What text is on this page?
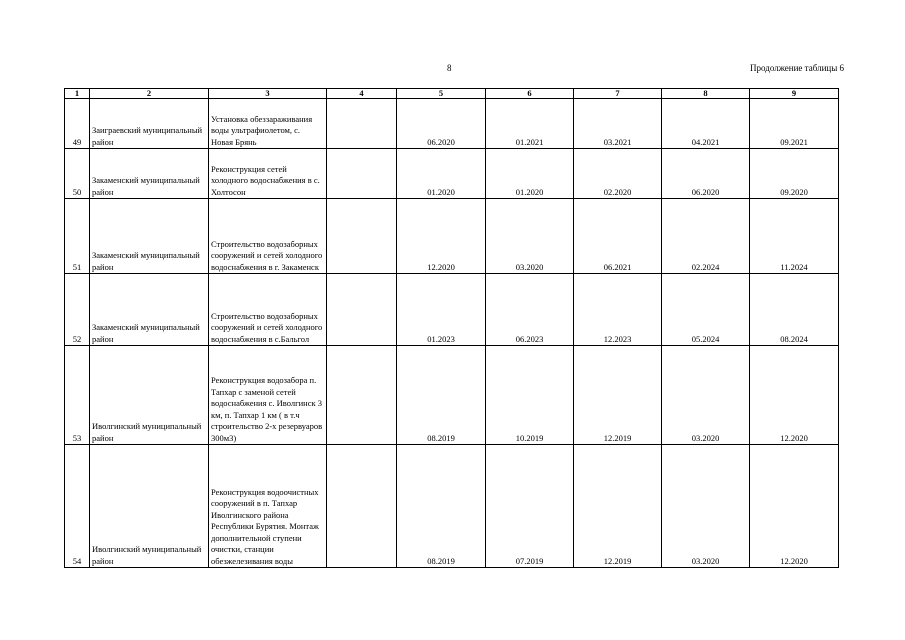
8	Продолжение таблицы 6
1	2	3	4	5	6	7	8	9
49	Заиграевский муниципальный район	Установка обеззараживания воды ультрафиолетом, с. Новая Брянь		06.2020	01.2021	03.2021	04.2021	09.2021
50	Закаменский муниципальный район	Реконструкция сетей холодного водоснабжения в с. Холтосон		01.2020	01.2020	02.2020	06.2020	09.2020
51	Закаменский муниципальный район	Строительство водозаборных сооружений и сетей холодного водоснабжения в г. Закаменск		12.2020	03.2020	06.2021	02.2024	11.2024
52	Закаменский муниципальный район	Строительство водозаборных сооружений и сетей холодного водоснабжения в с.Бальгол		01.2023	06.2023	12.2023	05.2024	08.2024
53	Иволгинский муниципальный район	Реконструкция водозабора п. Тапхар с заменой сетей водоснабжения с. Иволгинск 3 км, п. Тапхар 1 км ( в т.ч строительство 2-х резервуаров 300м3)		08.2019	10.2019	12.2019	03.2020	12.2020
54	Иволгинский муниципальный район	Реконструкция водоочистных сооружений в п. Тапхар Иволгинского района Республики Бурятия. Монтаж дополнительной ступени очистки, станции обезжелезивания воды		08.2019	07.2019	12.2019	03.2020	12.2020
